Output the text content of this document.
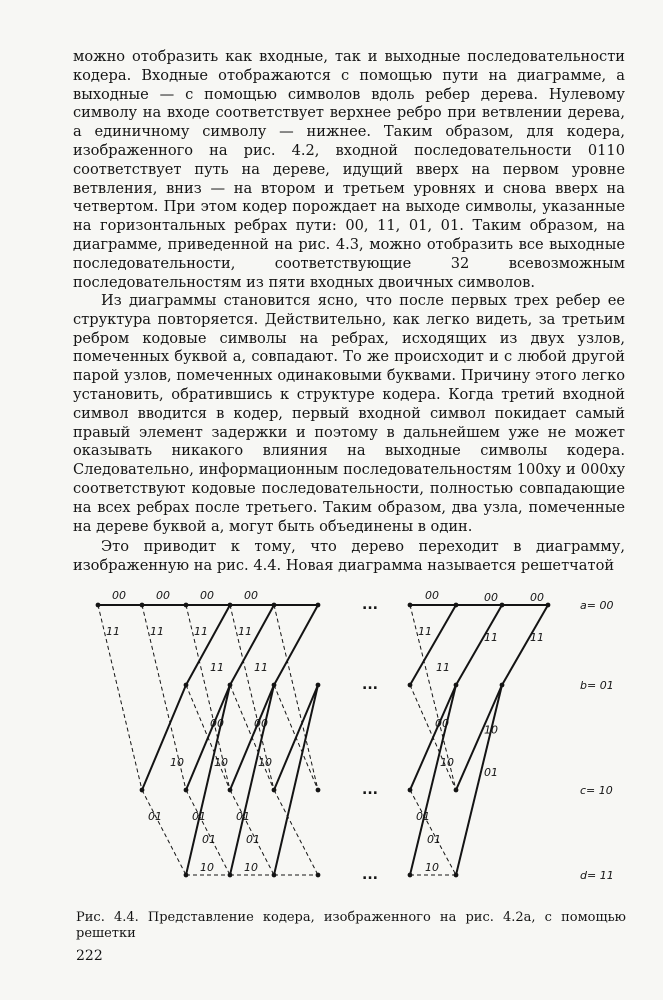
можно отобразить как входные, так и выходные последовательности кодера. Входные отображаются с помощью пути на диаграмме, а выходные — с помощью символов вдоль ребер дерева. Нулевому символу на входе соответствует верхнее ребро при ветвлении дерева, а единичному символу — нижнее. Таким образом, для кодера, изображенного на рис. 4.2, входной последовательности 0110 соответствует путь на дереве, идущий вверх на первом уровне ветвления, вниз — на втором и третьем уровнях и снова вверх на четвертом. При этом кодер порождает на выходе символы, указанные на горизонтальных ребрах пути: 00, 11, 01, 01. Таким образом, на диаграмме, приведенной на рис. 4.3, можно отобразить все выходные последовательности, соответствующие 32 всевозможным последовательностям из пяти входных двоичных символов.

Из диаграммы становится ясно, что после первых трех ребер ее структура повторяется. Действительно, как легко видеть, за третьим ребром кодовые символы на ребрах, исходящих из двух узлов, помеченных буквой а, совпадают. То же происходит и с любой другой парой узлов, помеченных одинаковыми буквами. Причину этого легко установить, обратившись к структуре кодера. Когда третий входной символ вводится в кодер, первый входной символ покидает самый правый элемент задержки и поэтому в дальнейшем уже не может оказывать никакого влияния на выходные символы кодера. Следовательно, информационным последовательностям 100xy и 000xy соответствуют кодовые последовательности, полностью совпадающие на всех ребрах после третьего. Таким образом, два узла, помеченные на дереве буквой а, могут быть объединены в один.

Это приводит к тому, что дерево переходит в диаграмму, изображенную на рис. 4.4. Новая диаграмма называется решетчатой

00
11
00
11
10
01
00
11
11
00
10
01
01
10
00
11
11
00
10
01
01
10
00
11
11
00
10
01
01
10
00
11
10
01
00
11
...
...
...
...
a= 00
b= 01
c= 10
d= 11

Рис. 4.4. Представление кодера, изображенного на рис. 4.2а, с помощью решетки

222
